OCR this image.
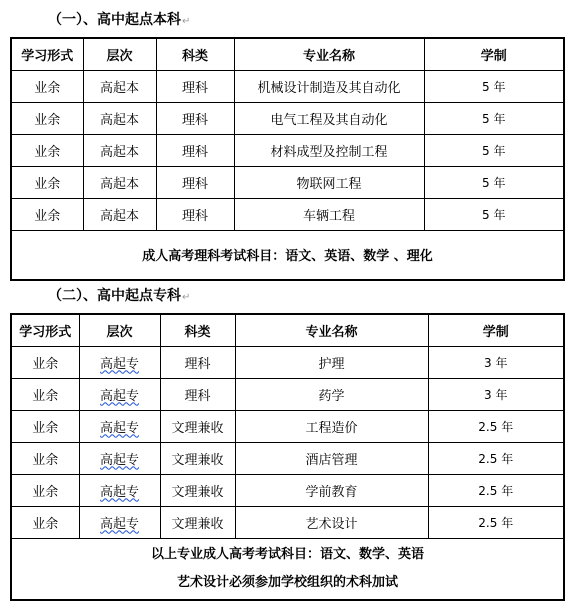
（一）、高中起点本科↵
学习形式	层次	科类	专业名称	学制
业余	高起本	理科	机械设计制造及其自动化	5 年
业余	高起本	理科	电气工程及其自动化	5 年
业余	高起本	理科	材料成型及控制工程	5 年
业余	高起本	理科	物联网工程	5 年
业余	高起本	理科	车辆工程	5 年
成人高考理科考试科目：语文、英语、数学 、理化				
（二）、高中起点专科↵
学习形式	层次	科类	专业名称	学制
业余	高起专	理科	护理	3 年
业余	高起专	理科	药学	3 年
业余	高起专	文理兼收	工程造价	2.5 年
业余	高起专	文理兼收	酒店管理	2.5 年
业余	高起专	文理兼收	学前教育	2.5 年
业余	高起专	文理兼收	艺术设计	2.5 年

以上专业成人高考考试科目：语文、数学、英语
艺术设计必须参加学校组织的术科加试				
